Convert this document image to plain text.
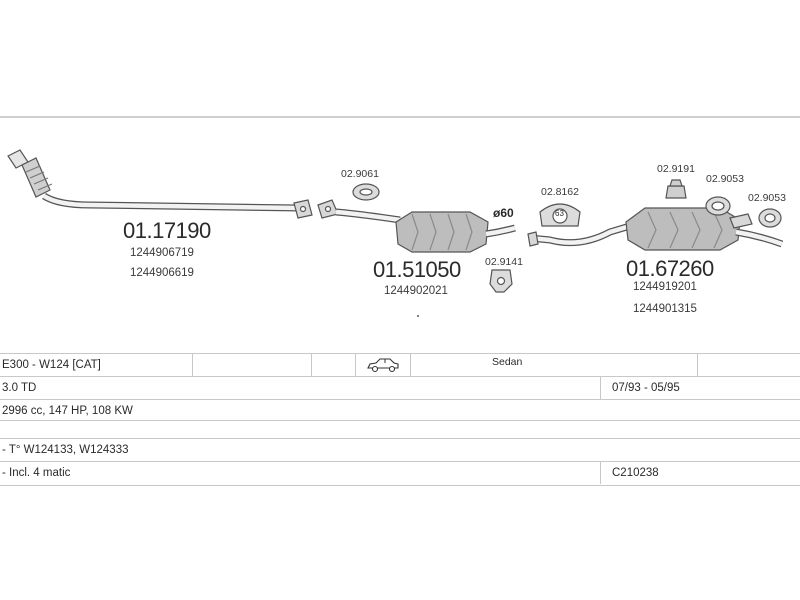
01.17190
1244906719
1244906619	01.51050
1244902021
01.67260
1244919201
1244901315
02.9061
02.9141
02.8162
02.9191
02.9053
02.9053
ø60	63
E300 - W124 [CAT]	Sedan
3.0 TD	07/93 - 05/95
2996 cc, 147 HP, 108 KW
- T° W124133, W124333
- Incl. 4 matic	C210238
